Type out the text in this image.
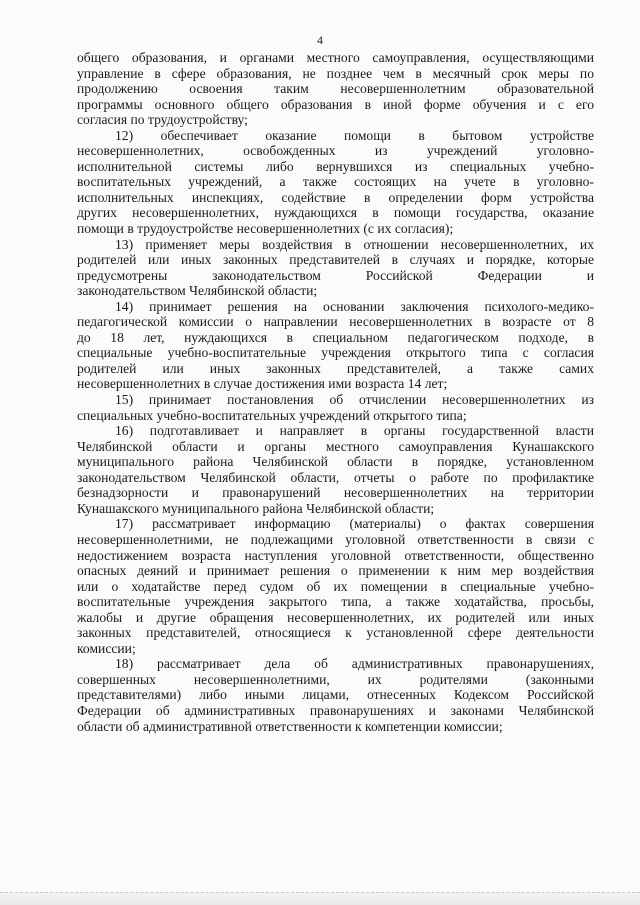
4
общего образования, и органами местного самоуправления, осуществляющими
управление в сфере образования, не позднее чем в месячный срок меры по
продолжению освоения таким несовершеннолетним образовательной
программы основного общего образования в иной форме обучения и с его
согласия по трудоустройству;
12) обеспечивает оказание помощи в бытовом устройстве
несовершеннолетних, освобожденных из учреждений уголовно-
исполнительной системы либо вернувшихся из специальных учебно-
воспитательных учреждений, а также состоящих на учете в уголовно-
исполнительных инспекциях, содействие в определении форм устройства
других несовершеннолетних, нуждающихся в помощи государства, оказание
помощи в трудоустройстве несовершеннолетних (с их согласия);
13) применяет меры воздействия в отношении несовершеннолетних, их
родителей или иных законных представителей в случаях и порядке, которые
предусмотрены законодательством Российской Федерации и
законодательством Челябинской области;
14) принимает решения на основании заключения психолого-медико-
педагогической комиссии о направлении несовершеннолетних в возрасте от 8
до 18 лет, нуждающихся в специальном педагогическом подходе, в
специальные учебно-воспитательные учреждения открытого типа с согласия
родителей или иных законных представителей, а также самих
несовершеннолетних в случае достижения ими возраста 14 лет;
15) принимает постановления об отчислении несовершеннолетних из
специальных учебно-воспитательных учреждений открытого типа;
16) подготавливает и направляет в органы государственной власти
Челябинской области и органы местного самоуправления Кунашакского
муниципального района Челябинской области в порядке, установленном
законодательством Челябинской области, отчеты о работе по профилактике
безнадзорности и правонарушений несовершеннолетних на территории
Кунашакского муниципального района Челябинской области;
17) рассматривает информацию (материалы) о фактах совершения
несовершеннолетними, не подлежащими уголовной ответственности в связи с
недостижением возраста наступления уголовной ответственности, общественно
опасных деяний и принимает решения о применении к ним мер воздействия
или о ходатайстве перед судом об их помещении в специальные учебно-
воспитательные учреждения закрытого типа, а также ходатайства, просьбы,
жалобы и другие обращения несовершеннолетних, их родителей или иных
законных представителей, относящиеся к установленной сфере деятельности
комиссии;
18) рассматривает дела об административных правонарушениях,
совершенных несовершеннолетними, их родителями (законными
представителями) либо иными лицами, отнесенных Кодексом Российской
Федерации об административных правонарушениях и законами Челябинской
области об административной ответственности к компетенции комиссии;
